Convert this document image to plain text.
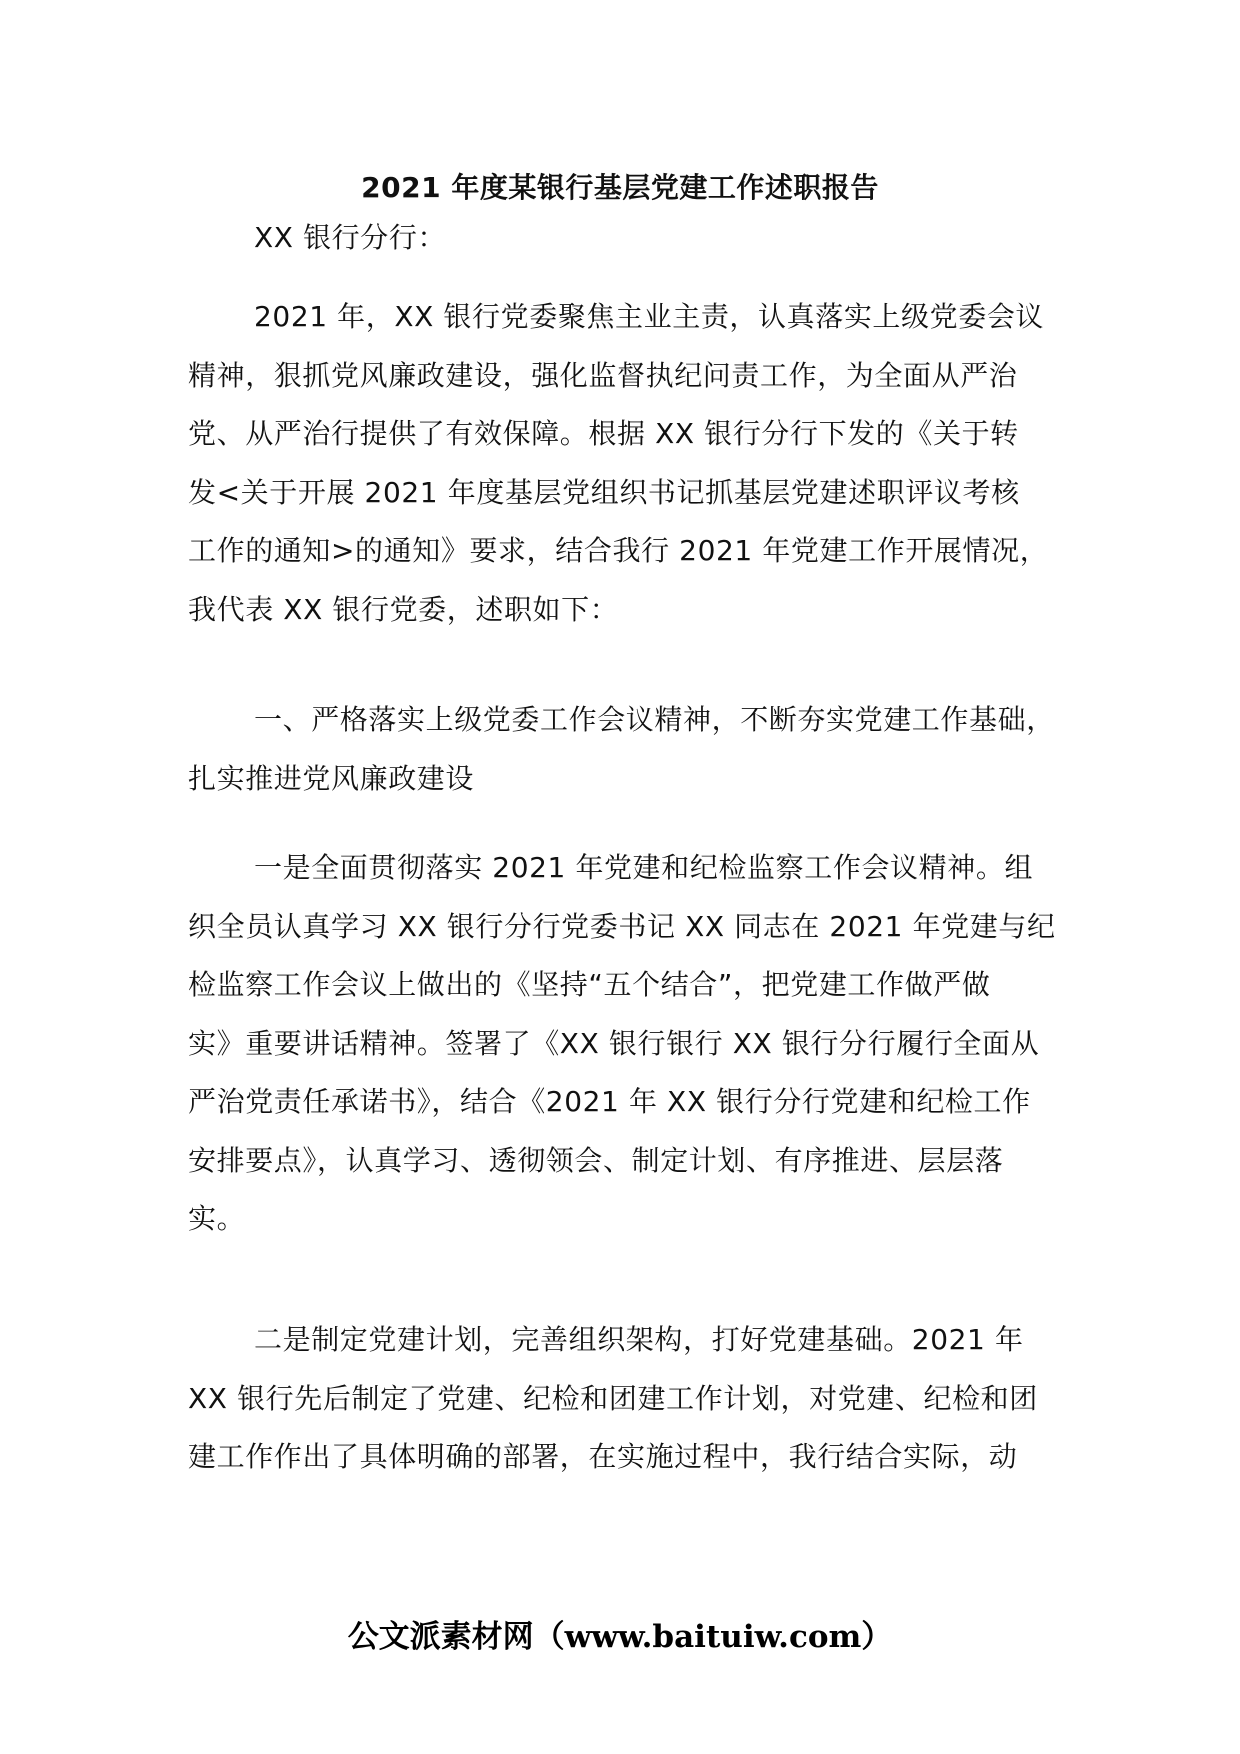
2021 年度某银行基层党建工作述职报告
XX 银行分行：
2021 年，XX 银行党委聚焦主业主责，认真落实上级党委会议
精神，狠抓党风廉政建设，强化监督执纪问责工作，为全面从严治
党、从严治行提供了有效保障。根据 XX 银行分行下发的《关于转
发<关于开展 2021 年度基层党组织书记抓基层党建述职评议考核
工作的通知>的通知》要求，结合我行 2021 年党建工作开展情况，
我代表 XX 银行党委，述职如下：
一、严格落实上级党委工作会议精神，不断夯实党建工作基础，
扎实推进党风廉政建设
一是全面贯彻落实 2021 年党建和纪检监察工作会议精神。组
织全员认真学习 XX 银行分行党委书记 XX 同志在 2021 年党建与纪
检监察工作会议上做出的《坚持“五个结合”，把党建工作做严做
实》重要讲话精神。签署了《XX 银行银行 XX 银行分行履行全面从
严治党责任承诺书》，结合《2021 年 XX 银行分行党建和纪检工作
安排要点》，认真学习、透彻领会、制定计划、有序推进、层层落
实。
二是制定党建计划，完善组织架构，打好党建基础。2021 年
XX 银行先后制定了党建、纪检和团建工作计划，对党建、纪检和团
建工作作出了具体明确的部署，在实施过程中，我行结合实际，动
公文派素材网（www.baituiw.com）
